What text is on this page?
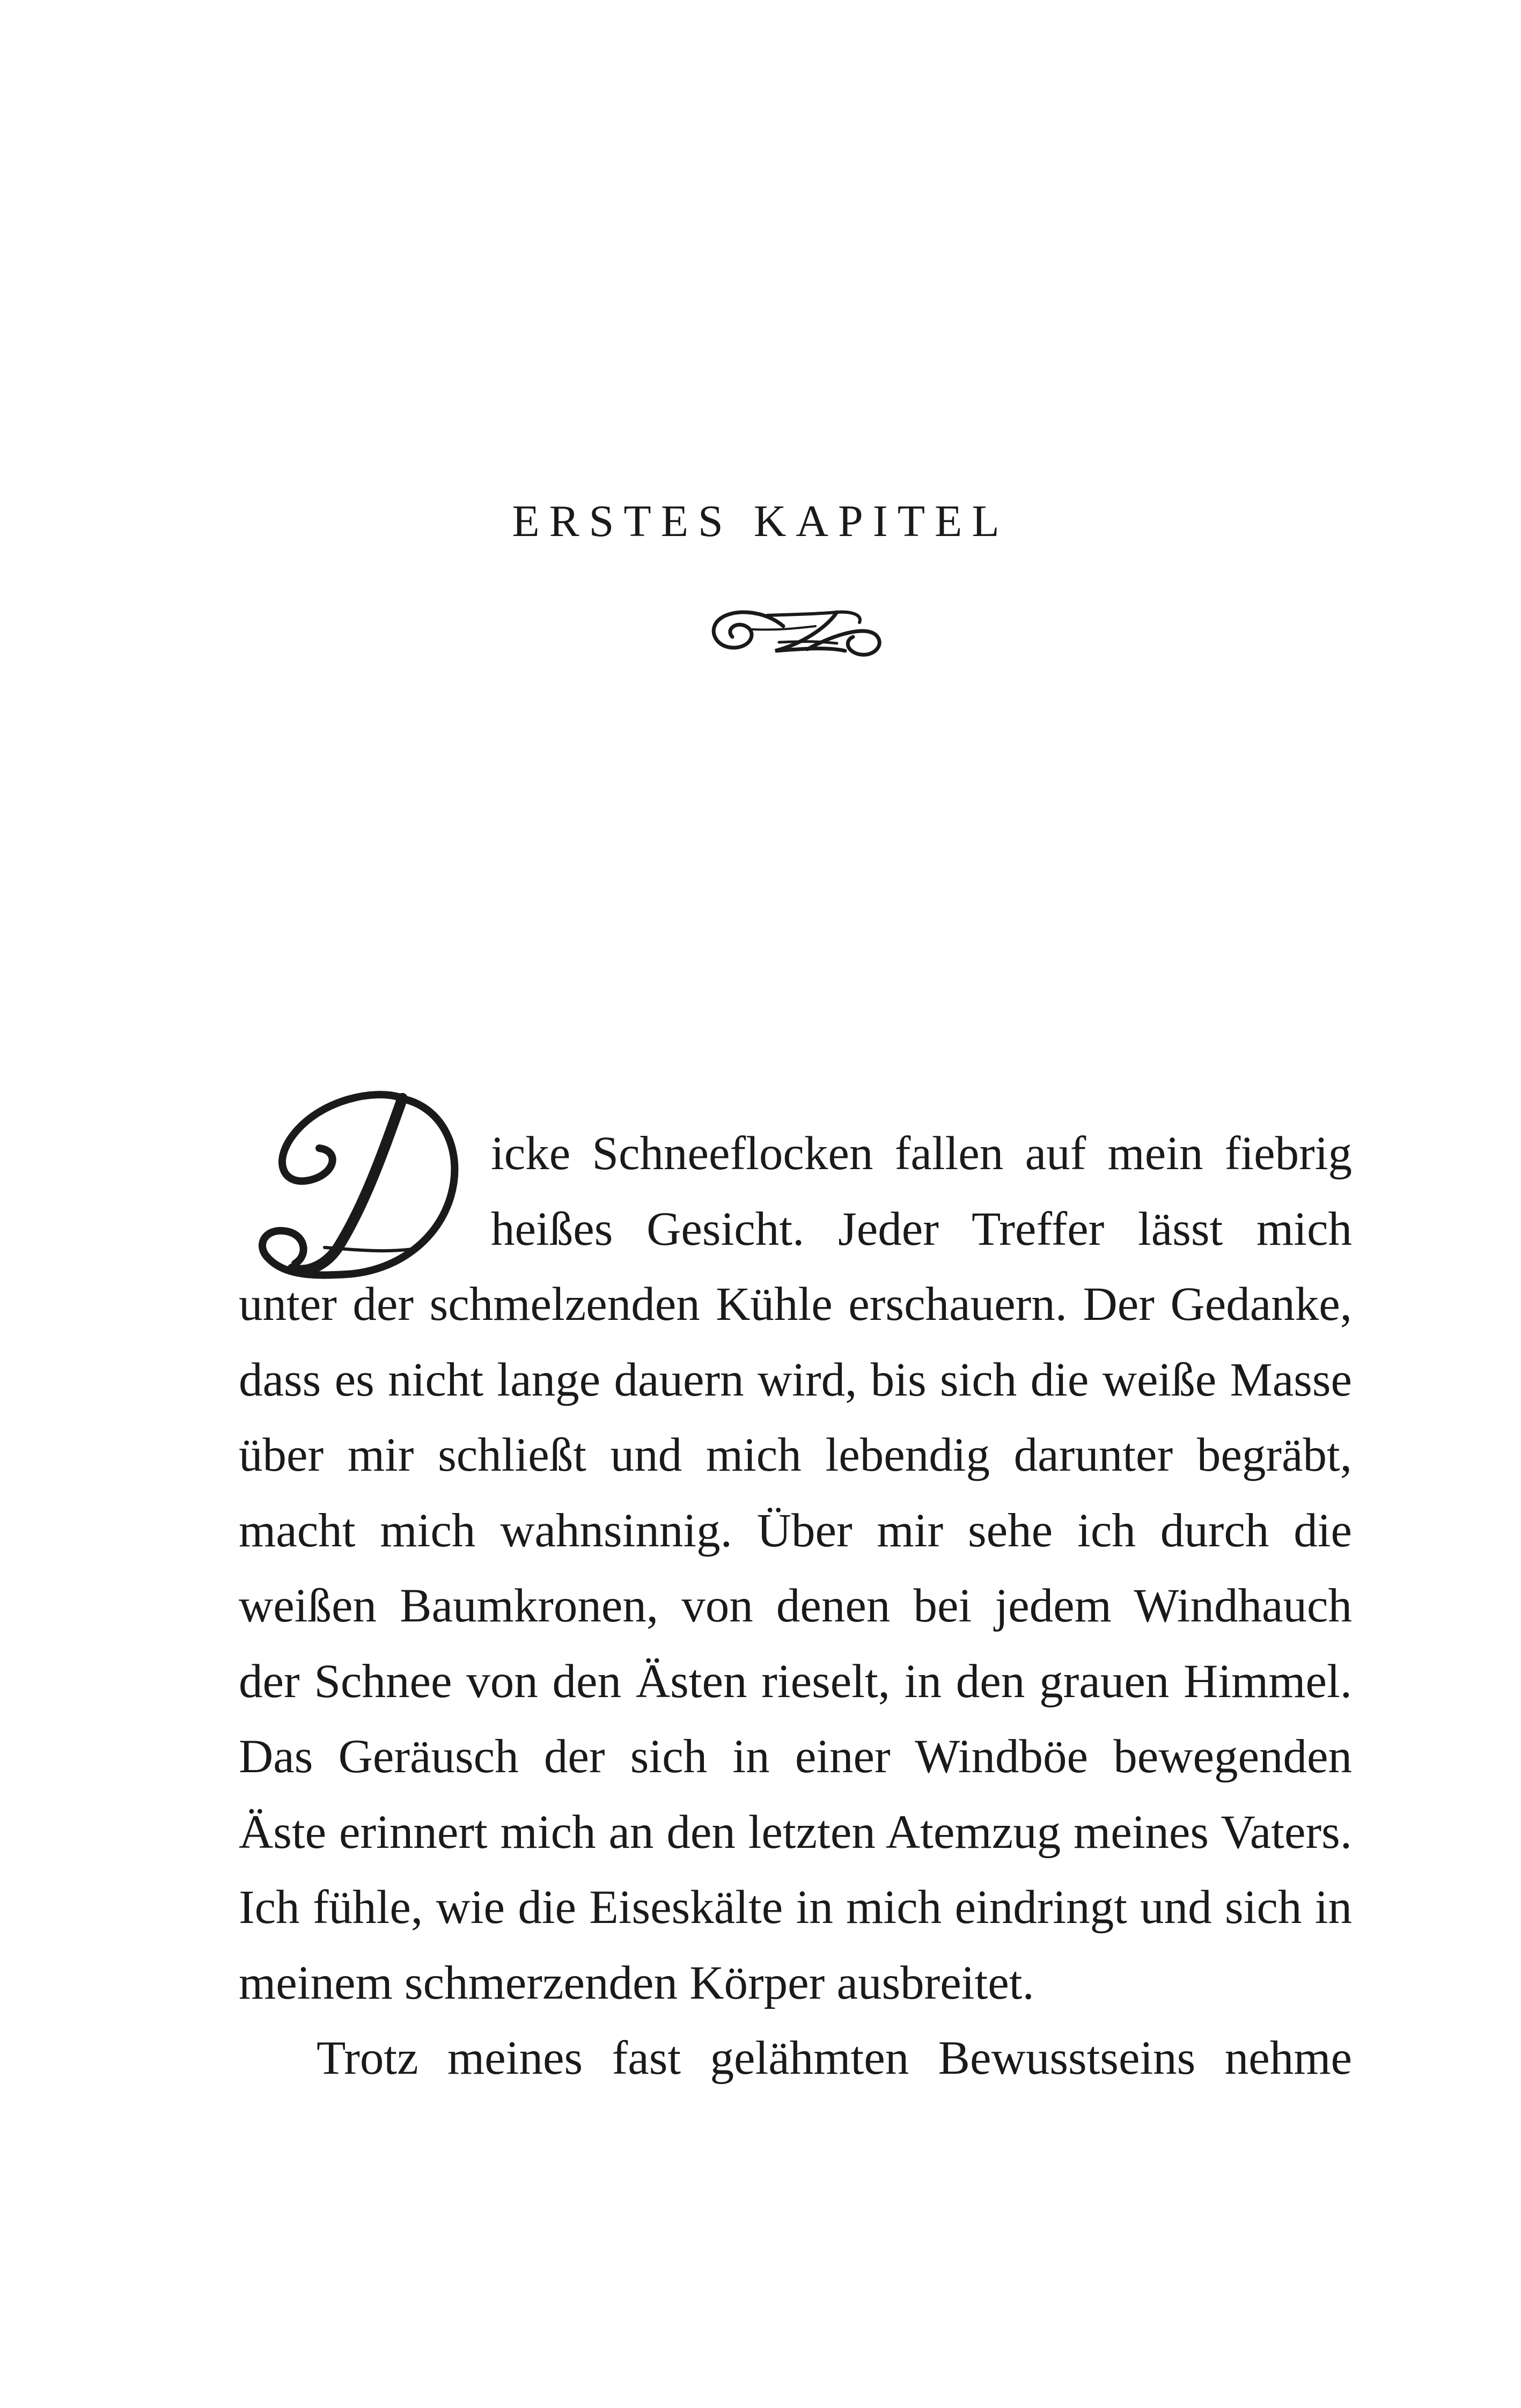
ERSTES KAPITEL

icke Schneeflocken fallen auf mein fiebrig heißes Gesicht. Jeder Treffer lässt mich unter der schmelzenden Kühle erschauern. Der Gedanke, dass es nicht lange dauern wird, bis sich die weiße Masse über mir schließt und mich lebendig darunter begräbt, macht mich wahnsinnig. Über mir sehe ich durch die weißen Baumkronen, von denen bei jedem Windhauch der Schnee von den Ästen rieselt, in den grauen Himmel. Das Geräusch der sich in einer Windböe bewegenden Äste erinnert mich an den letzten Atemzug meines Vaters. Ich fühle, wie die Eiseskälte in mich eindringt und sich in meinem schmerzenden Körper ausbreitet.

Trotz meines fast gelähmten Bewusstseins nehme
